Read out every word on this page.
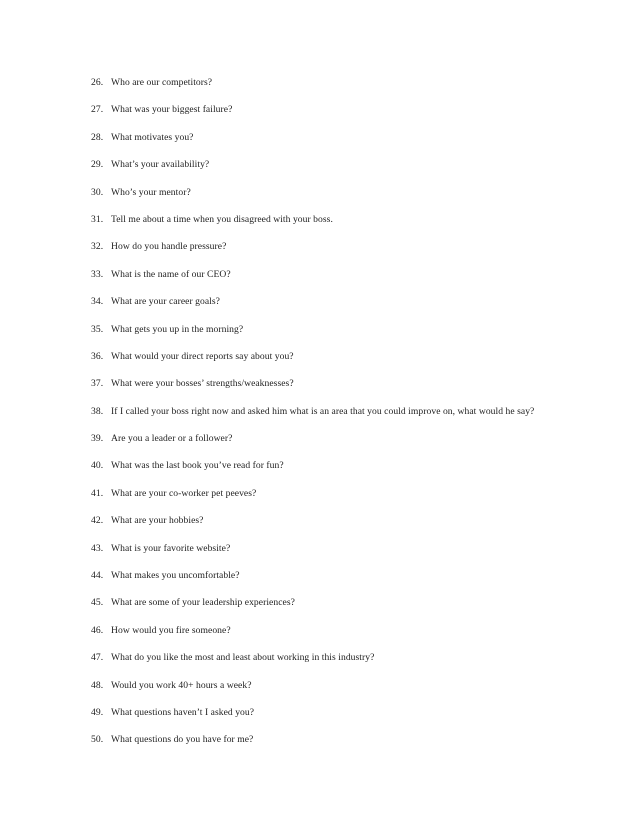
26. Who are our competitors?
27. What was your biggest failure?
28. What motivates you?
29. What’s your availability?
30. Who’s your mentor?
31. Tell me about a time when you disagreed with your boss.
32. How do you handle pressure?
33. What is the name of our CEO?
34. What are your career goals?
35. What gets you up in the morning?
36. What would your direct reports say about you?
37. What were your bosses’ strengths/weaknesses?
38. If I called your boss right now and asked him what is an area that you could improve on, what would he say?
39. Are you a leader or a follower?
40. What was the last book you’ve read for fun?
41. What are your co-worker pet peeves?
42. What are your hobbies?
43. What is your favorite website?
44. What makes you uncomfortable?
45. What are some of your leadership experiences?
46. How would you fire someone?
47. What do you like the most and least about working in this industry?
48. Would you work 40+ hours a week?
49. What questions haven’t I asked you?
50. What questions do you have for me?
